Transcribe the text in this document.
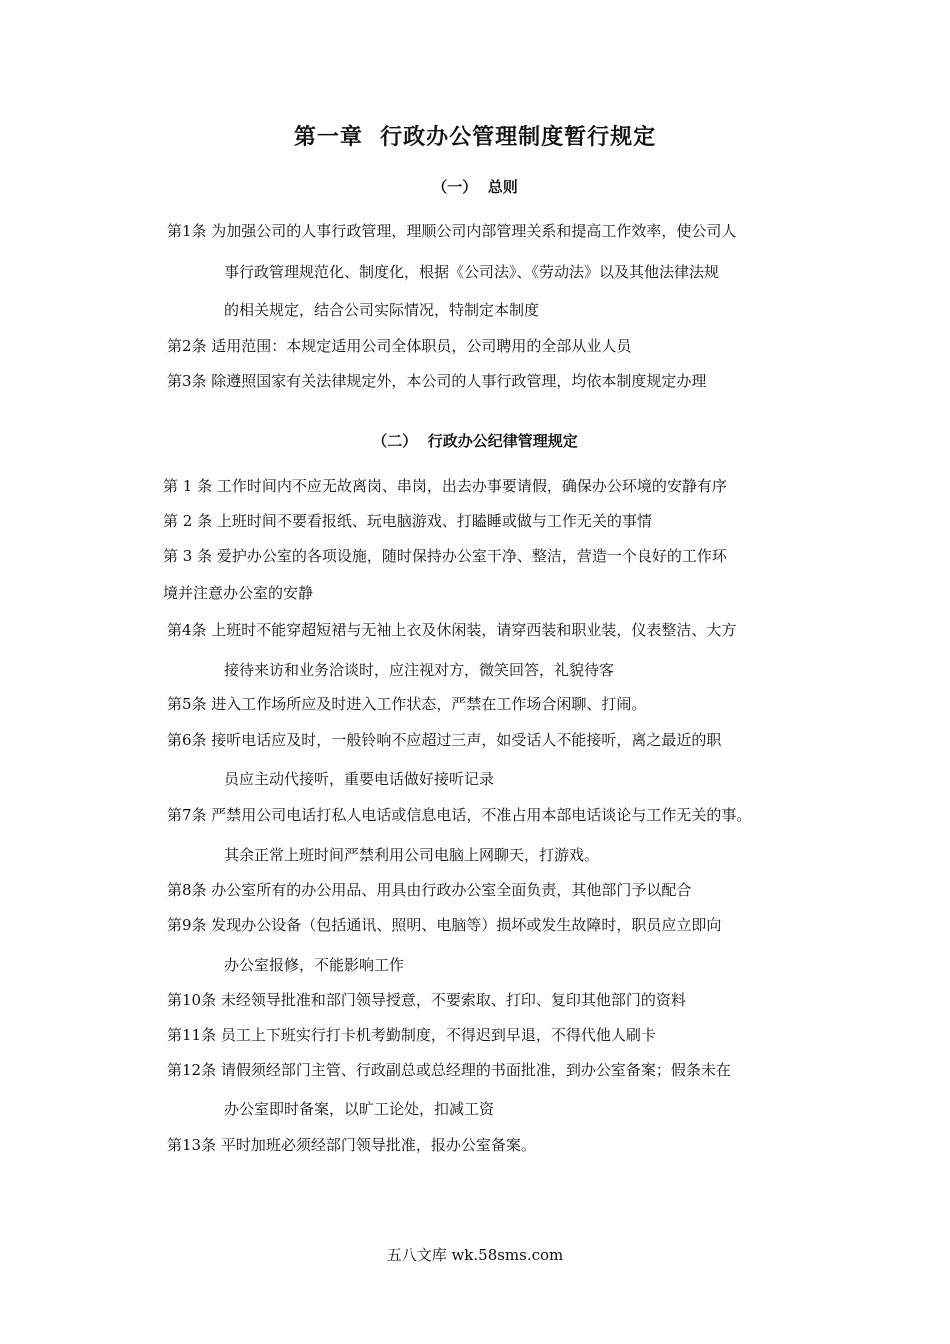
第一章  行政办公管理制度暂行规定
（一）  总则
第1条 为加强公司的人事行政管理，理顺公司内部管理关系和提高工作效率，使公司人
事行政管理规范化、制度化，根据《公司法》、《劳动法》以及其他法律法规
的相关规定，结合公司实际情况，特制定本制度
第2条 适用范围：本规定适用公司全体职员，公司聘用的全部从业人员
第3条 除遵照国家有关法律规定外，本公司的人事行政管理，均依本制度规定办理
（二）  行政办公纪律管理规定
第 1 条 工作时间内不应无故离岗、串岗，出去办事要请假，确保办公环境的安静有序
第 2 条 上班时间不要看报纸、玩电脑游戏、打瞌睡或做与工作无关的事情
第 3 条 爱护办公室的各项设施，随时保持办公室干净、整洁，营造一个良好的工作环
境并注意办公室的安静
第4条 上班时不能穿超短裙与无袖上衣及休闲装，请穿西装和职业装，仪表整洁、大方
接待来访和业务洽谈时，应注视对方，微笑回答，礼貌待客
第5条 进入工作场所应及时进入工作状态，严禁在工作场合闲聊、打闹。
第6条 接听电话应及时，一般铃响不应超过三声，如受话人不能接听，离之最近的职
员应主动代接听，重要电话做好接听记录
第7条 严禁用公司电话打私人电话或信息电话，不准占用本部电话谈论与工作无关的事。
其余正常上班时间严禁利用公司电脑上网聊天，打游戏。
第8条 办公室所有的办公用品、用具由行政办公室全面负责，其他部门予以配合
第9条 发现办公设备（包括通讯、照明、电脑等）损坏或发生故障时，职员应立即向
办公室报修，不能影响工作
第10条 未经领导批准和部门领导授意，不要索取、打印、复印其他部门的资料
第11条 员工上下班实行打卡机考勤制度，不得迟到早退，不得代他人刷卡
第12条 请假须经部门主管、行政副总或总经理的书面批准，到办公室备案；假条未在
办公室即时备案，以旷工论处，扣减工资
第13条 平时加班必须经部门领导批准，报办公室备案。
五八文库 wk.58sms.com
